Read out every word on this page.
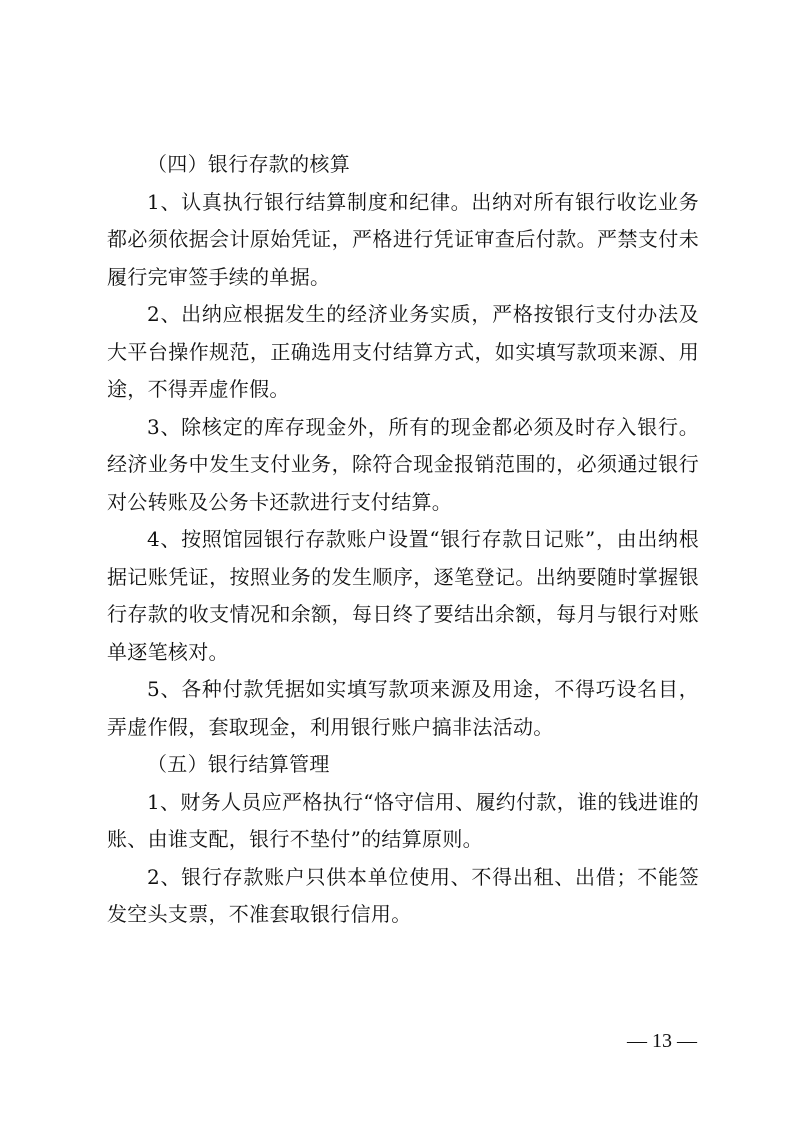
（四）银行存款的核算

1、认真执行银行结算制度和纪律。出纳对所有银行收讫业务都必须依据会计原始凭证，严格进行凭证审查后付款。严禁支付未履行完审签手续的单据。

2、出纳应根据发生的经济业务实质，严格按银行支付办法及大平台操作规范，正确选用支付结算方式，如实填写款项来源、用途，不得弄虚作假。

3、除核定的库存现金外，所有的现金都必须及时存入银行。经济业务中发生支付业务，除符合现金报销范围的，必须通过银行对公转账及公务卡还款进行支付结算。

4、按照馆园银行存款账户设置“银行存款日记账”，由出纳根据记账凭证，按照业务的发生顺序，逐笔登记。出纳要随时掌握银行存款的收支情况和余额，每日终了要结出余额，每月与银行对账单逐笔核对。

5、各种付款凭据如实填写款项来源及用途，不得巧设名目，弄虚作假，套取现金，利用银行账户搞非法活动。

（五）银行结算管理

1、财务人员应严格执行“恪守信用、履约付款，谁的钱进谁的账、由谁支配，银行不垫付”的结算原则。

2、银行存款账户只供本单位使用、不得出租、出借；不能签发空头支票，不准套取银行信用。

— 13 —
